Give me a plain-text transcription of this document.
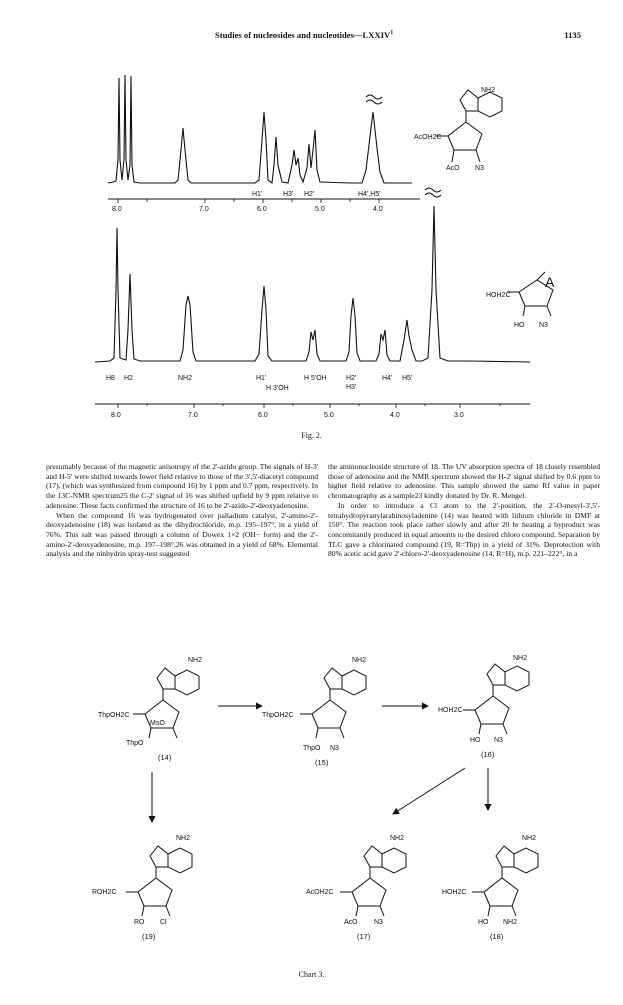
Studies of nucleosides and nucleotides—LXXIV$^1$	1135
H1'	H3' H2'	H4',H5'
8.0	7.0	6.0	5.0	4.0
NH2
AcOH2C
AcO N3
H8 H2	NH2	H1'
H 3'OH
H 5'OH	H2'
H3'
H4' H5'
8.0	7.0	6.0	5.0	4.0	3.0
A
HOH2C
HO N3
Fig. 2.

presumably because of the magnetic anisotropy of the 2'-azido group. The signals of H-3' and H-5' were shifted towards lower field relative to those of the 3',5'-diacetyl compound (17), (which was synthesized from compound 16) by 1 ppm and 0.7 ppm, respectively. In the 13C-NMR spectrum25 the C-2' signal of 16 was shifted upfield by 9 ppm relative to adenosine. These facts confirmed the structure of 16 to be 2'-azido-2'-deoxyadenosine.

When the compound 16 was hydrogenated over palladium catalyst, 2'-amino-2'-deoxyadenosine (18) was isolated as the dihydrochloride, m.p. 195–197°, in a yield of 76%. This salt was passed through a column of Dowex 1×2 (OH− form) and the 2'-amino-2'-deoxyadenosine, m.p. 197–198°,26 was obtained in a yield of 68%. Elemental analysis and the ninhydrin spray-test suggested

the aminonucleoside structure of 18. The UV absorption spectra of 18 closely resembled those of adenosine and the NMR spectrum showed the H-2' signal shifted by 0.6 ppm to higher field relative to adenosine. This sample showed the same Rf value in paper chromatography as a sample23 kindly donated by Dr. R. Mengel.

In order to introduce a Cl atom to the 2'-position, the 2'-O-mesyl-3',5'-tetrahydropyranylarabinosyladenine (14) was heated with lithium chloride in DMF at 150°. The reaction took place rather slowly and after 20 hr heating a byproduct was concomitantly produced in equal amounts to the desired chloro compound. Separation by TLC gave a chlorinated compound (19, R=Thp) in a yield of 31%. Deprotection with 80% acetic acid gave 2'-chloro-2'-deoxyadenosine (14, R=H), m.p. 221–222°, in a

NH2
ThpOH2C
MsO
ThpO
(14)
NH2
ThpOH2C
ThpO N3
(15)
NH2
HOH2C
HO N3
(16)
NH2
ROH2C
RO Cl
(19)
NH2
AcOH2C
AcO N3
(17)
NH2
HOH2C
HO NH2
(18)
Chart 3.
